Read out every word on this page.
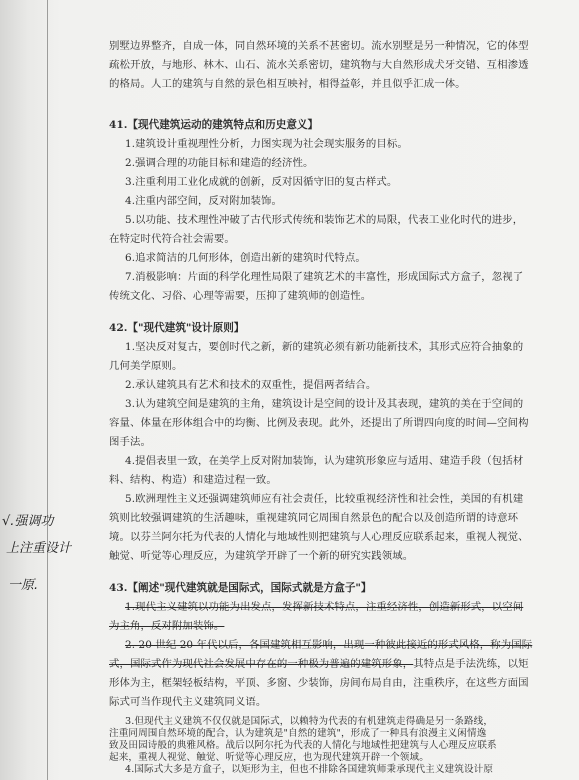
别墅边界整齐，自成一体，同自然环境的关系不甚密切。流水别墅是另一种情况，它的体型
疏松开放，与地形、林木、山石、流水关系密切，建筑物与大自然形成犬牙交错、互相渗透
的格局。人工的建筑与自然的景色相互映衬，相得益彰，并且似乎汇成一体。
41.【现代建筑运动的建筑特点和历史意义】
1.建筑设计重视理性分析，力图实现为社会现实服务的目标。
2.强调合理的功能目标和建造的经济性。
3.注重利用工业化成就的创新，反对因循守旧的复古样式。
4.注重内部空间，反对附加装饰。
5.以功能、技术理性冲破了古代形式传统和装饰艺术的局限，代表工业化时代的进步，
在特定时代符合社会需要。
6.追求简洁的几何形体，创造出新的建筑时代特点。
7.消极影响：片面的科学化理性局限了建筑艺术的丰富性，形成国际式方盒子，忽视了
传统文化、习俗、心理等需要，压抑了建筑师的创造性。
42.【"现代建筑"设计原则】
1.坚决反对复古，要创时代之新，新的建筑必须有新功能新技术，其形式应符合抽象的
几何美学原则。
2.承认建筑具有艺术和技术的双重性，提倡两者结合。
3.认为建筑空间是建筑的主角，建筑设计是空间的设计及其表现，建筑的美在于空间的
容量、体量在形体组合中的均衡、比例及表现。此外，还提出了所谓四向度的时间—空间构
图手法。
4.提倡表里一致，在美学上反对附加装饰，认为建筑形象应与适用、建造手段（包括材
料、结构、构造）和建造过程一致。
5.欧洲理性主义还强调建筑师应有社会责任，比较重视经济性和社会性，美国的有机建
筑则比较强调建筑的生活趣味，重视建筑同它周围自然景色的配合以及创造所谓的诗意环
境。以芬兰阿尔托为代表的人情化与地域性则把建筑与人心理反应联系起来，重视人视觉、
触觉、听觉等心理反应，为建筑学开辟了一个新的研究实践领域。
43.【阐述"现代建筑就是国际式，国际式就是方盒子"】
1.现代主义建筑以功能为出发点，发挥新技术特点，注重经济性，创造新形式，以空间
为主角，反对附加装饰。
2. 20 世纪 20 年代以后，各国建筑相互影响，出现一种彼此接近的形式风格，称为国际
式，国际式作为现代社会发展中存在的一种极为普遍的建筑形象，其特点是手法洗练，以矩
形体为主，框架轻板结构，平顶、多窗、少装饰，房间布局自由，注重秩序，在这些方面国
际式可当作现代主义建筑同义语。
3.但现代主义建筑不仅仅就是国际式，以赖特为代表的有机建筑走得确是另一条路线，
注重同周围自然环境的配合，认为建筑是"自然的建筑"，形成了一种具有浪漫主义闲情逸
致及田园诗般的典雅风格。战后以阿尔托为代表的人情化与地域性把建筑与人心理反应联系
起来，重视人视觉、触觉、听觉等心理反应，也为现代建筑开辟一个领域。
4.国际式大多是方盒子，以矩形为主，但也不排除各国建筑师秉承现代主义建筑设计原
√.强调功
上注重设计
一原.
